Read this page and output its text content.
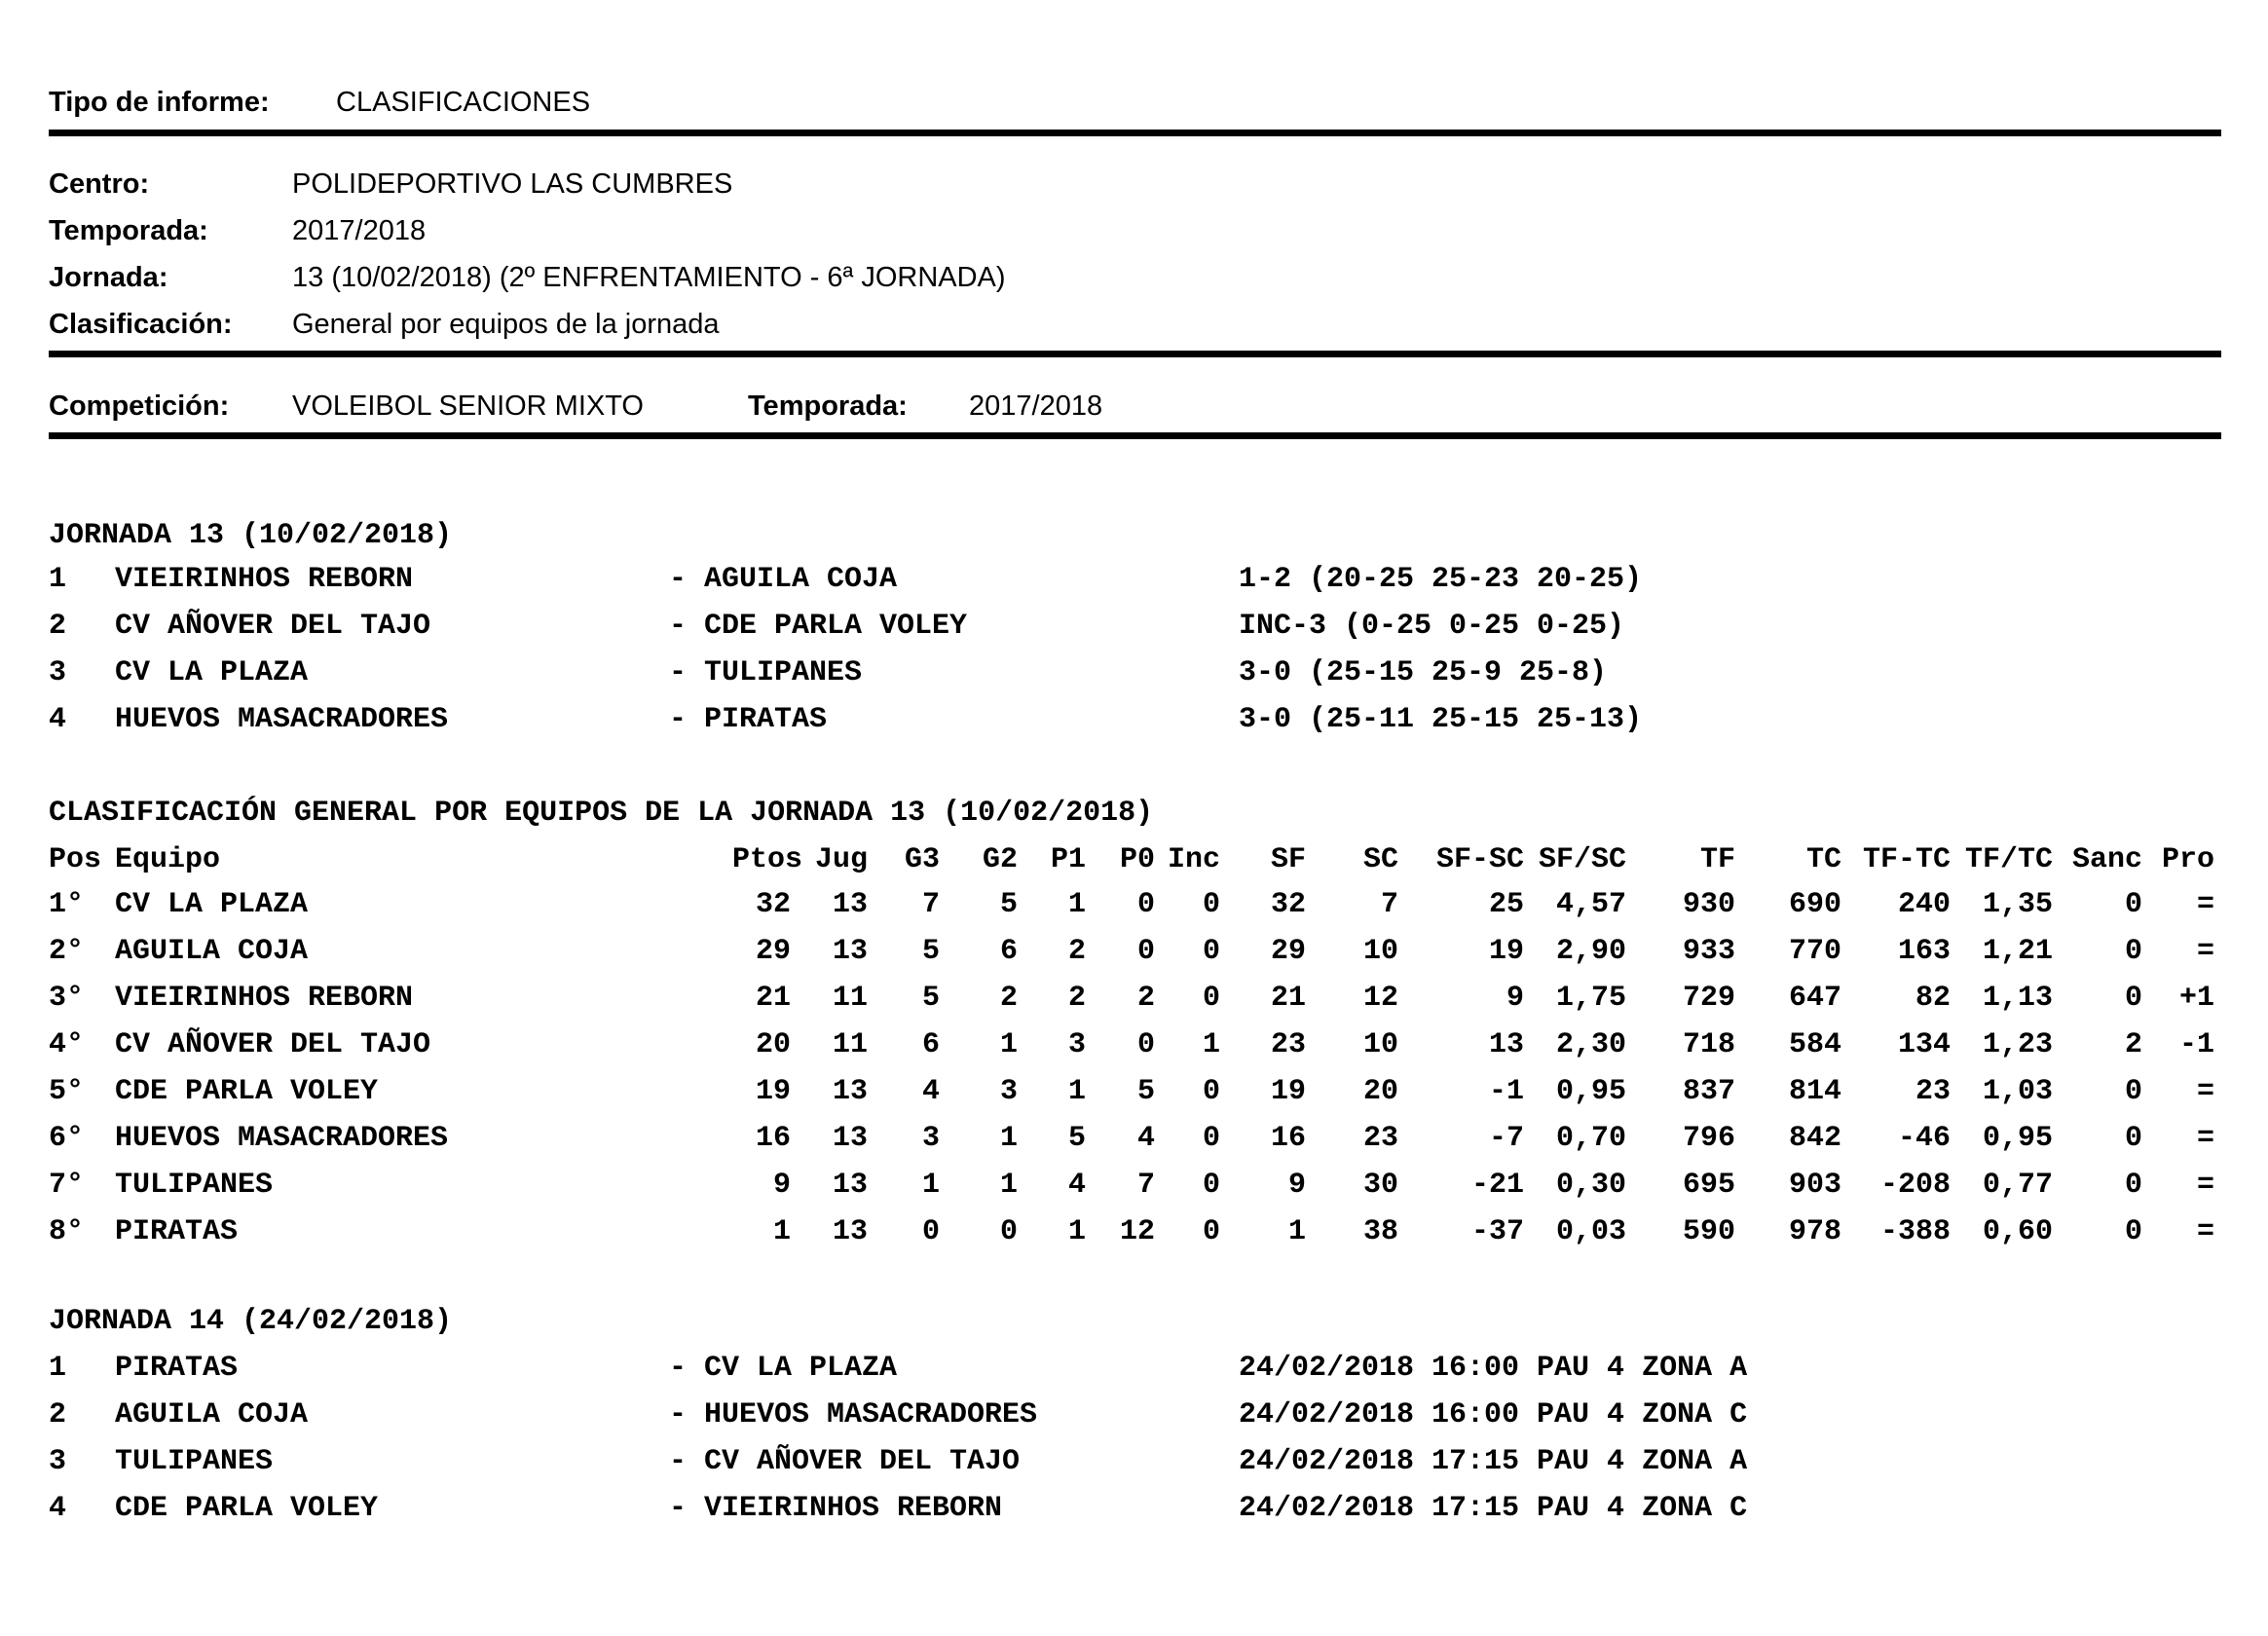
Tipo de informe: CLASIFICACIONES
Centro:	POLIDEPORTIVO LAS CUMBRES
Temporada:	2017/2018
Jornada:	13 (10/02/2018) (2º ENFRENTAMIENTO - 6ª JORNADA)
Clasificación: General por equipos de la jornada
Competición: VOLEIBOL SENIOR MIXTO	Temporada: 2017/2018
JORNADA 13 (10/02/2018)
1	VIEIRINHOS REBORN	- AGUILA COJA	1-2 (20-25 25-23 20-25)
2	CV AÑOVER DEL TAJO	- CDE PARLA VOLEY	INC-3 (0-25 0-25 0-25)
3	CV LA PLAZA	- TULIPANES	3-0 (25-15 25-9 25-8)
4	HUEVOS MASACRADORES	- PIRATAS	3-0 (25-11 25-15 25-13)
CLASIFICACIÓN GENERAL POR EQUIPOS DE LA JORNADA 13 (10/02/2018)
Pos Equipo	Ptos Jug	G3	G2	P1	P0 Inc	SF	SC	SF-SC SF/SC	TF	TC TF-TC TF/TC Sanc Pro
1°	CV LA PLAZA	32	13	7	5	1	0	0	32	7	25	4,57	930	690	240	1,35	0	=
2°	AGUILA COJA	29	13	5	6	2	0	0	29	10	19	2,90	933	770	163	1,21	0	=
3°	VIEIRINHOS REBORN	21	11	5	2	2	2	0	21	12	9	1,75	729	647	82	1,13	0	+1
4°	CV AÑOVER DEL TAJO	20	11	6	1	3	0	1	23	10	13	2,30	718	584	134	1,23	2	-1
5°	CDE PARLA VOLEY	19	13	4	3	1	5	0	19	20	-1	0,95	837	814	23	1,03	0	=
6°	HUEVOS MASACRADORES	16	13	3	1	5	4	0	16	23	-7	0,70	796	842	-46	0,95	0	=
7°	TULIPANES	9	13	1	1	4	7	0	9	30	-21	0,30	695	903	-208	0,77	0	=
8°	PIRATAS	1	13	0	0	1	12	0	1	38	-37	0,03	590	978	-388	0,60	0	=
JORNADA 14 (24/02/2018)
1	PIRATAS	- CV LA PLAZA	24/02/2018 16:00 PAU 4 ZONA A
2	AGUILA COJA	- HUEVOS MASACRADORES	24/02/2018 16:00 PAU 4 ZONA C
3	TULIPANES	- CV AÑOVER DEL TAJO	24/02/2018 17:15 PAU 4 ZONA A
4	CDE PARLA VOLEY	- VIEIRINHOS REBORN	24/02/2018 17:15 PAU 4 ZONA C
